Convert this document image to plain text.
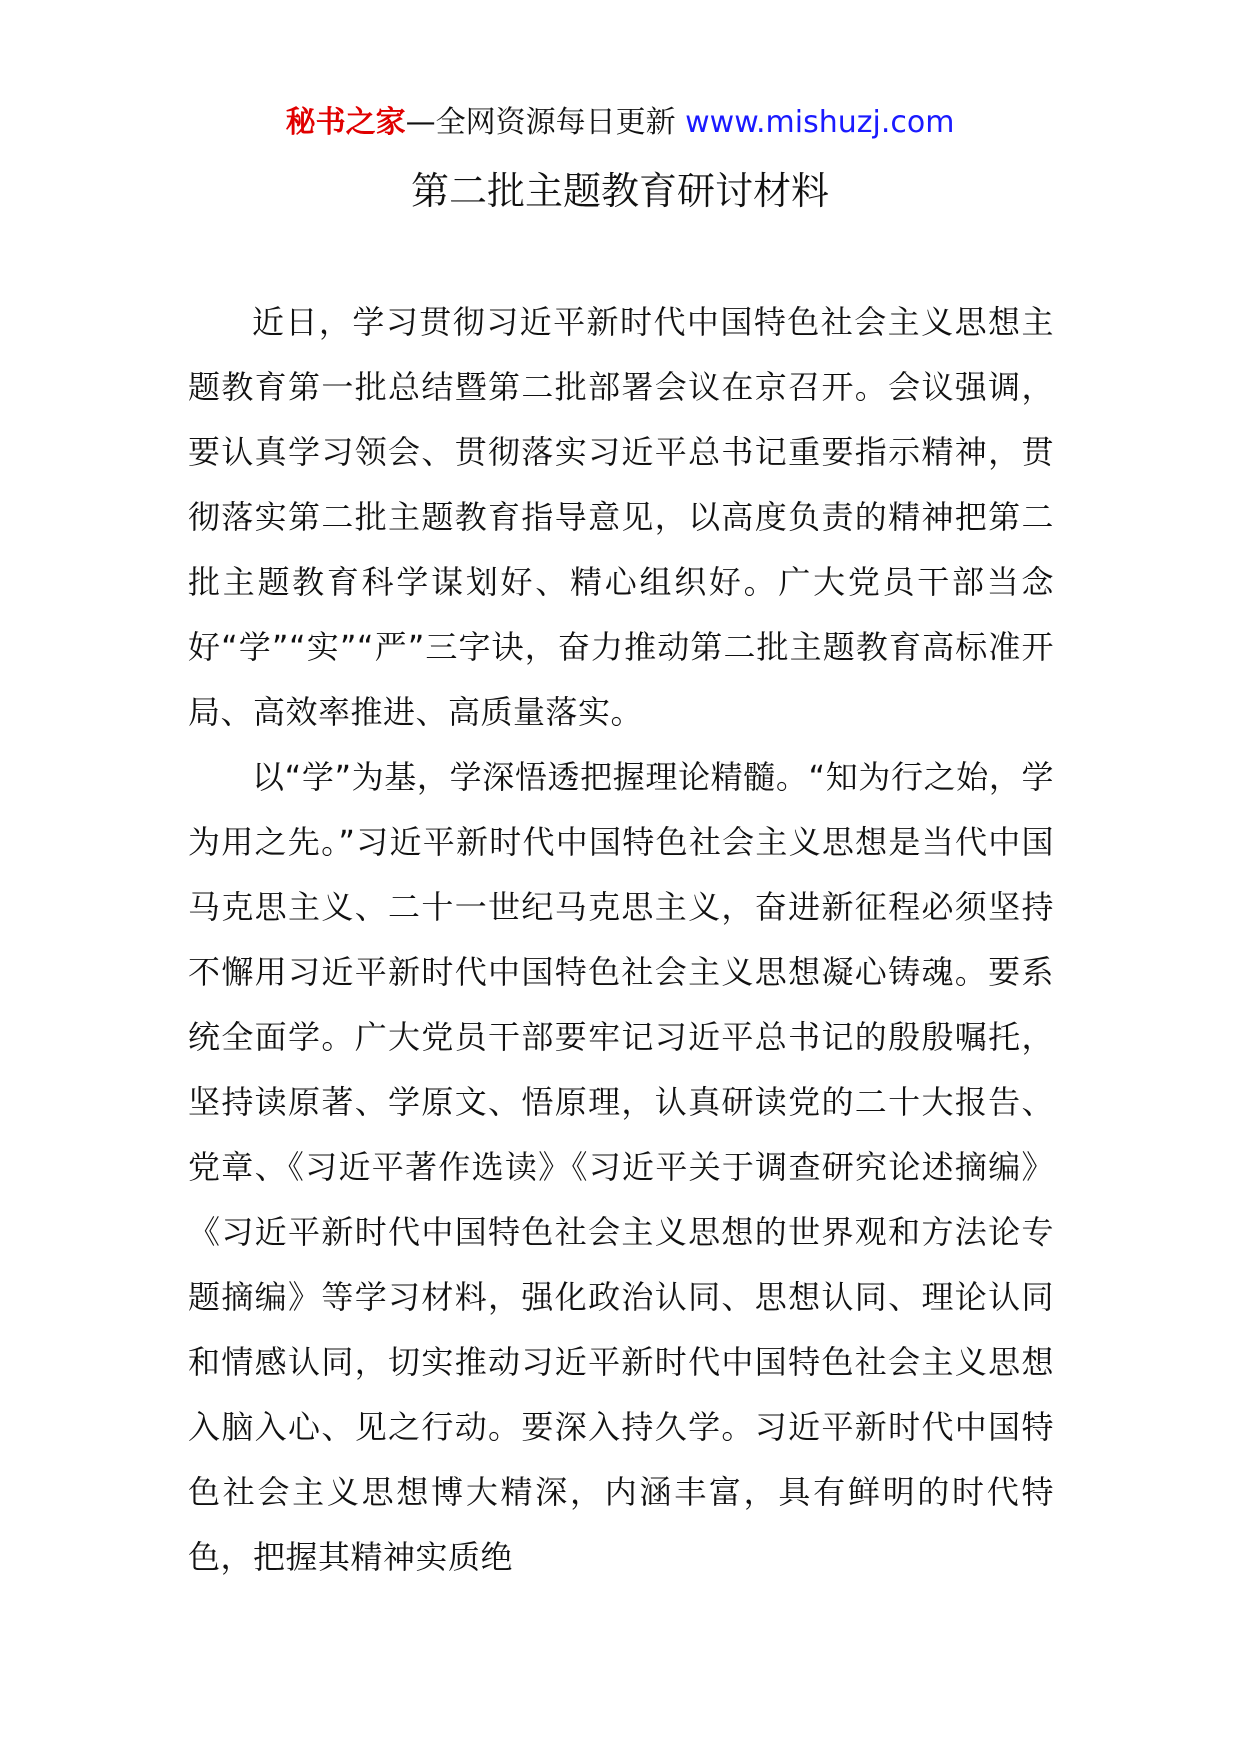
秘书之家—全网资源每日更新 www.mishuzj.com
第二批主题教育研讨材料

近日，学习贯彻习近平新时代中国特色社会主义思想主题教育第一批总结暨第二批部署会议在京召开。会议强调，要认真学习领会、贯彻落实习近平总书记重要指示精神，贯彻落实第二批主题教育指导意见，以高度负责的精神把第二批主题教育科学谋划好、精心组织好。广大党员干部当念好“学”“实”“严”三字诀，奋力推动第二批主题教育高标准开局、高效率推进、高质量落实。

以“学”为基，学深悟透把握理论精髓。“知为行之始，学为用之先。”习近平新时代中国特色社会主义思想是当代中国马克思主义、二十一世纪马克思主义，奋进新征程必须坚持不懈用习近平新时代中国特色社会主义思想凝心铸魂。要系统全面学。广大党员干部要牢记习近平总书记的殷殷嘱托，坚持读原著、学原文、悟原理，认真研读党的二十大报告、党章、《习近平著作选读》《习近平关于调查研究论述摘编》《习近平新时代中国特色社会主义思想的世界观和方法论专题摘编》等学习材料，强化政治认同、思想认同、理论认同和情感认同，切实推动习近平新时代中国特色社会主义思想入脑入心、见之行动。要深入持久学。习近平新时代中国特色社会主义思想博大精深，内涵丰富，具有鲜明的时代特色，把握其精神实质绝
